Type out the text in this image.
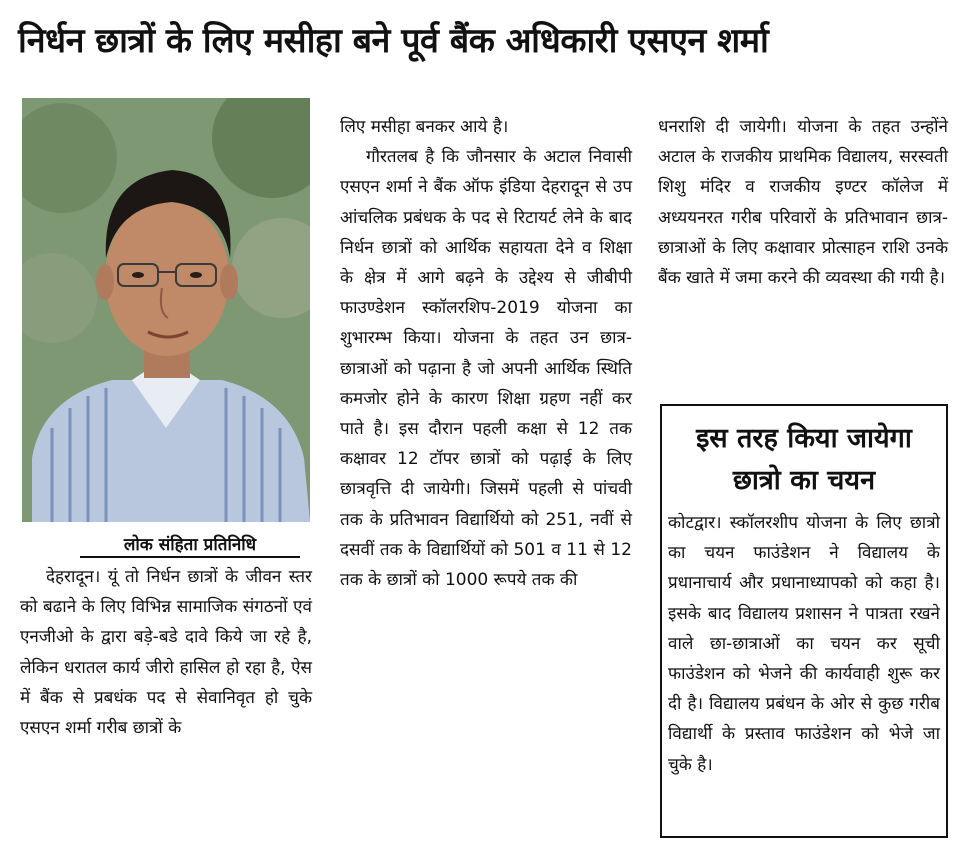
निर्धन छात्रों के लिए मसीहा बने पूर्व बैंक अधिकारी एसएन शर्मा
लोक संहिता प्रतिनिधि

देहरादून। यूं तो निर्धन छात्रों के जीवन स्तर को बढाने के लिए विभिन्न सामाजिक संगठनों एवं एनजीओ के द्वारा बड़े-बडे दावे किये जा रहे है, लेकिन धरातल कार्य जीरो हासिल हो रहा है, ऐस में बैंक से प्रबधंक पद से सेवानिवृत हो चुके एसएन शर्मा गरीब छात्रों के

लिए मसीहा बनकर आये है।

गौरतलब है कि जौनसार के अटाल निवासी एसएन शर्मा ने बैंक ऑफ इंडिया देहरादून से उप आंचलिक प्रबंधक के पद से रिटायर्ट लेने के बाद निर्धन छात्रों को आर्थिक सहायता देने व शिक्षा के क्षेत्र में आगे बढ़ने के उद्देश्य से जीबीपी फाउण्डेशन स्कॉलरशिप-2019 योजना का शुभारम्भ किया। योजना के तहत उन छात्र-छात्राओं को पढ़ाना है जो अपनी आर्थिक स्थिति कमजोर होने के कारण शिक्षा ग्रहण नहीं कर पाते है। इस दौरान पहली कक्षा से 12 तक कक्षावर 12 टॉपर छात्रों को पढ़ाई के लिए छात्रवृत्ति दी जायेगी। जिसमें पहली से पांचवी तक के प्रतिभावन विद्यार्थियो को 251, नवीं से दसवीं तक के विद्यार्थियों को 501 व 11 से 12 तक के छात्रों को 1000 रूपये तक की

धनराशि दी जायेगी। योजना के तहत उन्होंने अटाल के राजकीय प्राथमिक विद्यालय, सरस्वती शिशु मंदिर व राजकीय इण्टर कॉलेज में अध्ययनरत गरीब परिवारों के प्रतिभावान छात्र-छात्राओं के लिए कक्षावार प्रोत्साहन राशि उनके बैंक खाते में जमा करने की व्यवस्था की गयी है।

इस तरह किया जायेगा
छात्रो का चयन
कोटद्वार। स्कॉलरशीप योजना के लिए छात्रो का चयन फाउंडेशन ने विद्यालय के प्रधानाचार्य और प्रधानाध्यापको को कहा है। इसके बाद विद्यालय प्रशासन ने पात्रता रखने वाले छा-छात्राओं का चयन कर सूची फाउंडेशन को भेजने की कार्यवाही शुरू कर दी है। विद्यालय प्रबंधन के ओर से कुछ गरीब विद्यार्थी के प्रस्ताव फाउंडेशन को भेजे जा चुके है।
